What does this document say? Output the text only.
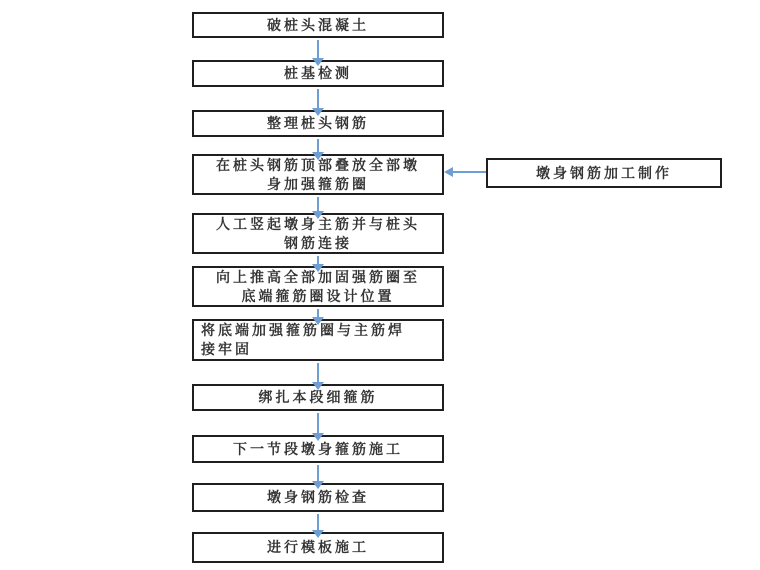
破桩头混凝土
桩基检测
整理桩头钢筋
在桩头钢筋顶部叠放全部墩
身加强箍筋圈
人工竖起墩身主筋并与桩头
钢筋连接
向上推高全部加固强筋圈至
底端箍筋圈设计位置
将底端加强箍筋圈与主筋焊
接牢固
绑扎本段细箍筋
下一节段墩身箍筋施工
墩身钢筋检查
进行模板施工
墩身钢筋加工制作
